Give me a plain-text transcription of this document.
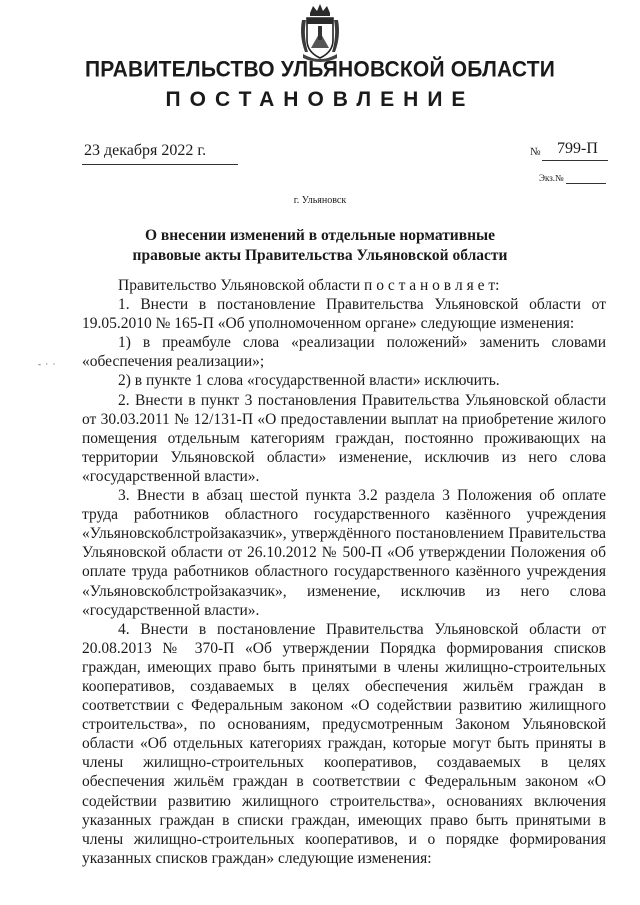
ПРАВИТЕЛЬСТВО УЛЬЯНОВСКОЙ ОБЛАСТИ
ПОСТАНОВЛЕНИЕ
23 декабря 2022 г.	№ 799-П
Экз.№
г. Ульяновск
О внесении изменений в отдельные нормативные
правовые акты Правительства Ульяновской области
- · ·

Правительство Ульяновской области п о с т а н о в л я е т:

1. Внести в постановление Правительства Ульяновской области от 19.05.2010 № 165-П «Об уполномоченном органе» следующие изменения:

1) в преамбуле слова «реализации положений» заменить словами «обеспечения реализации»;

2) в пункте 1 слова «государственной власти» исключить.

2. Внести в пункт 3 постановления Правительства Ульяновской области от 30.03.2011 № 12/131-П «О предоставлении выплат на приобретение жилого помещения отдельным категориям граждан, постоянно проживающих на территории Ульяновской области» изменение, исключив из него слова «государственной власти».

3. Внести в абзац шестой пункта 3.2 раздела 3 Положения об оплате труда работников областного государственного казённого учреждения «Ульяновскоблстройзаказчик», утверждённого постановлением Правительства Ульяновской области от 26.10.2012 № 500-П «Об утверждении Положения об оплате труда работников областного государственного казённого учреждения «Ульяновскоблстройзаказчик», изменение, исключив из него слова «государственной власти».

4. Внести в постановление Правительства Ульяновской области от 20.08.2013 № 370-П «Об утверждении Порядка формирования списков граждан, имеющих право быть принятыми в члены жилищно-строительных кооперативов, создаваемых в целях обеспечения жильём граждан в соответствии с Федеральным законом «О содействии развитию жилищного строительства», по основаниям, предусмотренным Законом Ульяновской области «Об отдельных категориях граждан, которые могут быть приняты в члены жилищно-строительных кооперативов, создаваемых в целях обеспечения жильём граждан в соответствии с Федеральным законом «О содействии развитию жилищного строительства», основаниях включения указанных граждан в списки граждан, имеющих право быть принятыми в члены жилищно-строительных кооперативов, и о порядке формирования указанных списков граждан» следующие изменения:
